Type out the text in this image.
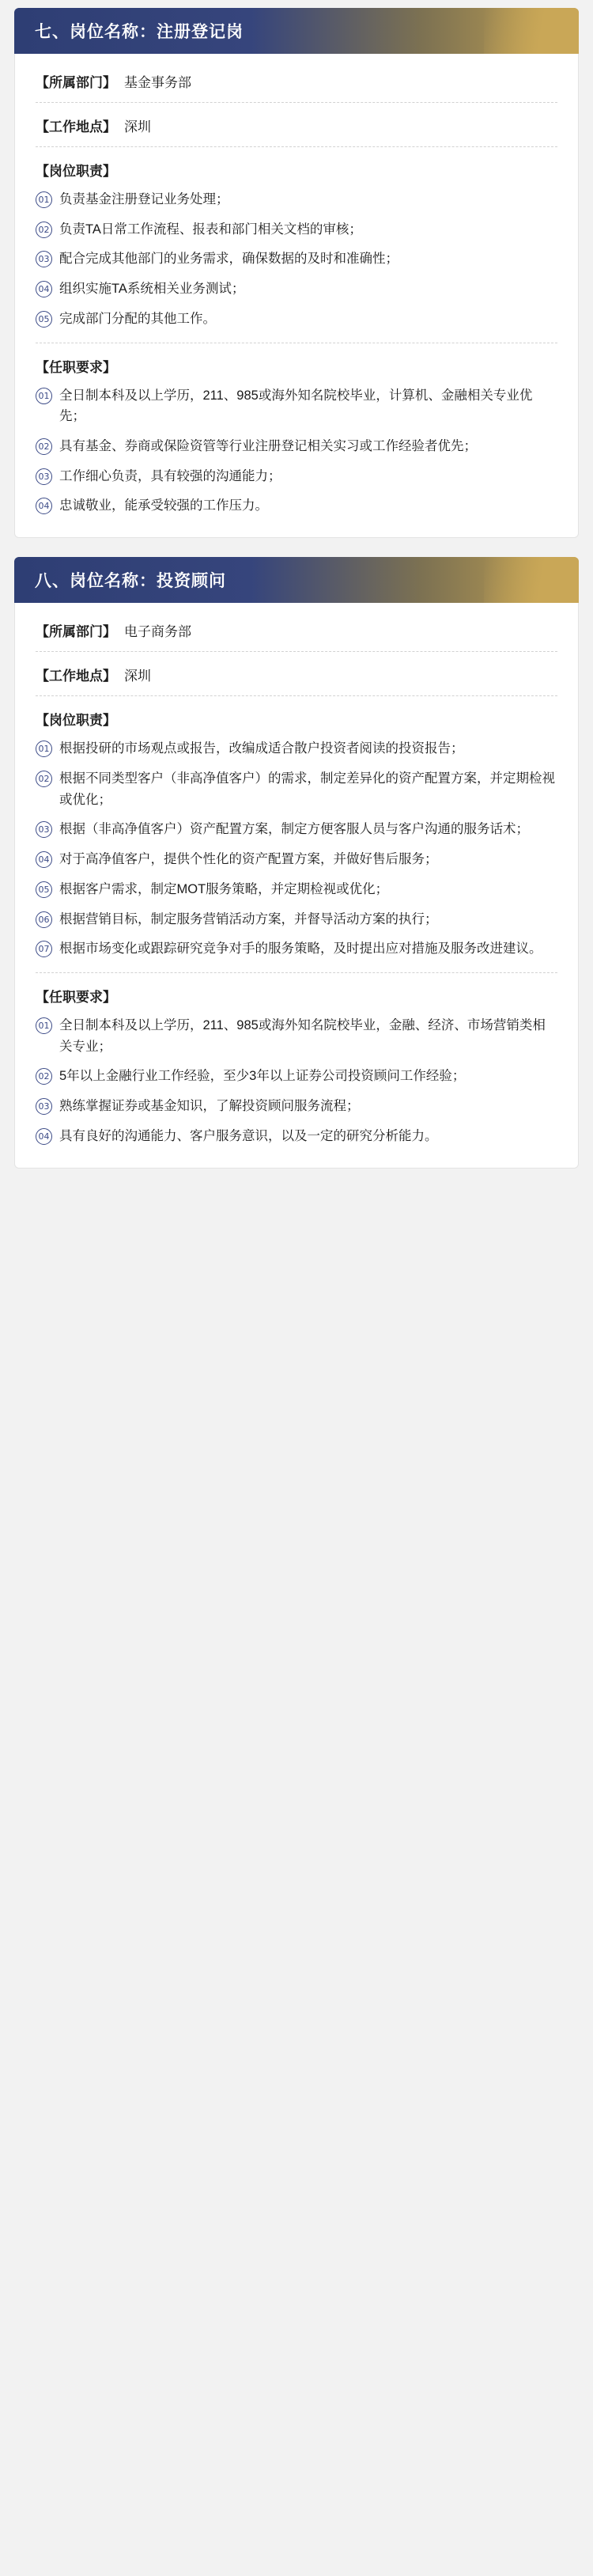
七、岗位名称：注册登记岗
【所属部门】 基金事务部
【工作地点】 深圳
【岗位职责】
01 负责基金注册登记业务处理；
02 负责TA日常工作流程、报表和部门相关文档的审核；
03 配合完成其他部门的业务需求，确保数据的及时和准确性；
04 组织实施TA系统相关业务测试；
05 完成部门分配的其他工作。
【任职要求】
01 全日制本科及以上学历，211、985或海外知名院校毕业，计算机、金融相关专业优先；
02 具有基金、券商或保险资管等行业注册登记相关实习或工作经验者优先；
03 工作细心负责，具有较强的沟通能力；
04 忠诚敬业，能承受较强的工作压力。
八、岗位名称：投资顾问
【所属部门】 电子商务部
【工作地点】 深圳
【岗位职责】
01 根据投研的市场观点或报告，改编成适合散户投资者阅读的投资报告；
02 根据不同类型客户（非高净值客户）的需求，制定差异化的资产配置方案，并定期检视或优化；
03 根据（非高净值客户）资产配置方案，制定方便客服人员与客户沟通的服务话术；
04 对于高净值客户，提供个性化的资产配置方案，并做好售后服务；
05 根据客户需求，制定MOT服务策略，并定期检视或优化；
06 根据营销目标，制定服务营销活动方案，并督导活动方案的执行；
07 根据市场变化或跟踪研究竞争对手的服务策略，及时提出应对措施及服务改进建议。
【任职要求】
01 全日制本科及以上学历，211、985或海外知名院校毕业，金融、经济、市场营销类相关专业；
02 5年以上金融行业工作经验，至少3年以上证券公司投资顾问工作经验；
03 熟练掌握证券或基金知识，了解投资顾问服务流程；
04 具有良好的沟通能力、客户服务意识，以及一定的研究分析能力。
